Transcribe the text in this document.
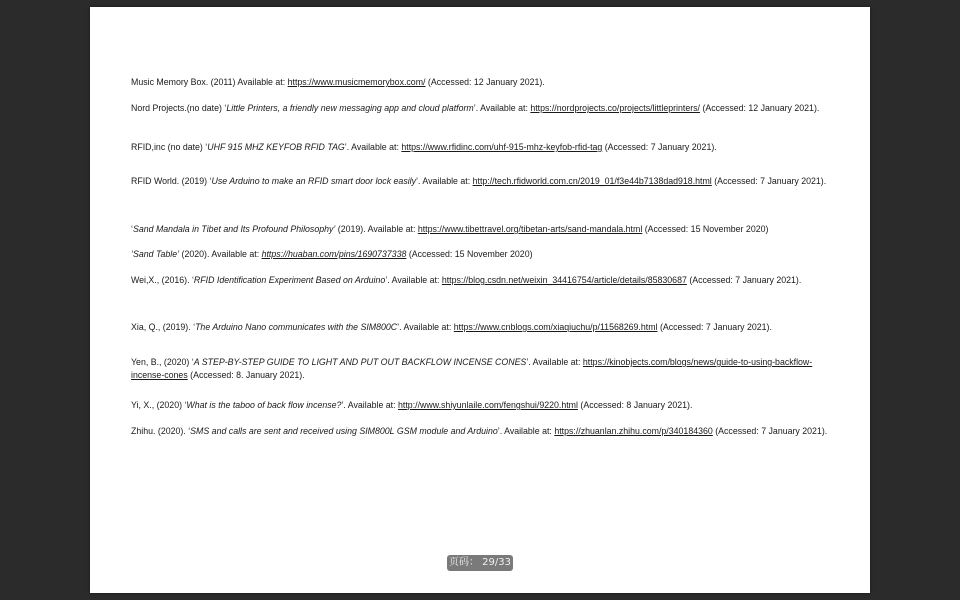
Music Memory Box. (2011) Available at: https://www.musicmemorybox.com/ (Accessed: 12 January 2021).

Nord Projects.(no date) ‘Little Printers, a friendly new messaging app and cloud platform’. Available at: https://nordprojects.co/projects/littleprinters/ (Accessed: 12 January 2021).

RFID,inc (no date) ‘UHF 915 MHZ KEYFOB RFID TAG’. Available at: https://www.rfidinc.com/uhf-915-mhz-keyfob-rfid-tag (Accessed: 7 January 2021).

RFID World. (2019) ‘Use Arduino to make an RFID smart door lock easily’. Available at: http://tech.rfidworld.com.cn/2019_01/f3e44b7138dad918.html (Accessed: 7 January 2021).

‘Sand Mandala in Tibet and Its Profound Philosophy’ (2019). Available at: https://www.tibettravel.org/tibetan-arts/sand-mandala.html (Accessed: 15 November 2020)

‘Sand Table’ (2020). Available at: https://huaban.com/pins/1690737338 (Accessed: 15 November 2020)

Wei,X., (2016). ‘RFID Identification Experiment Based on Arduino’. Available at: https://blog.csdn.net/weixin_34416754/article/details/85830687 (Accessed: 7 January 2021).

Xia, Q., (2019). ‘The Arduino Nano communicates with the SIM800C’. Available at: https://www.cnblogs.com/xiaqiuchu/p/11568269.html (Accessed: 7 January 2021).

Yen, B., (2020) ‘A STEP-BY-STEP GUIDE TO LIGHT AND PUT OUT BACKFLOW INCENSE CONES’. Available at: https://kinobjects.com/blogs/news/guide-to-using-backflow-incense-cones (Accessed: 8. January 2021).

Yi, X., (2020) ‘What is the taboo of back flow incense?’. Available at: http://www.shiyunlaile.com/fengshui/9220.html (Accessed: 8 January 2021).

Zhihu. (2020). ‘SMS and calls are sent and received using SIM800L GSM module and Arduino’. Available at: https://zhuanlan.zhihu.com/p/340184360 (Accessed: 7 January 2021).

页码： 29/33
